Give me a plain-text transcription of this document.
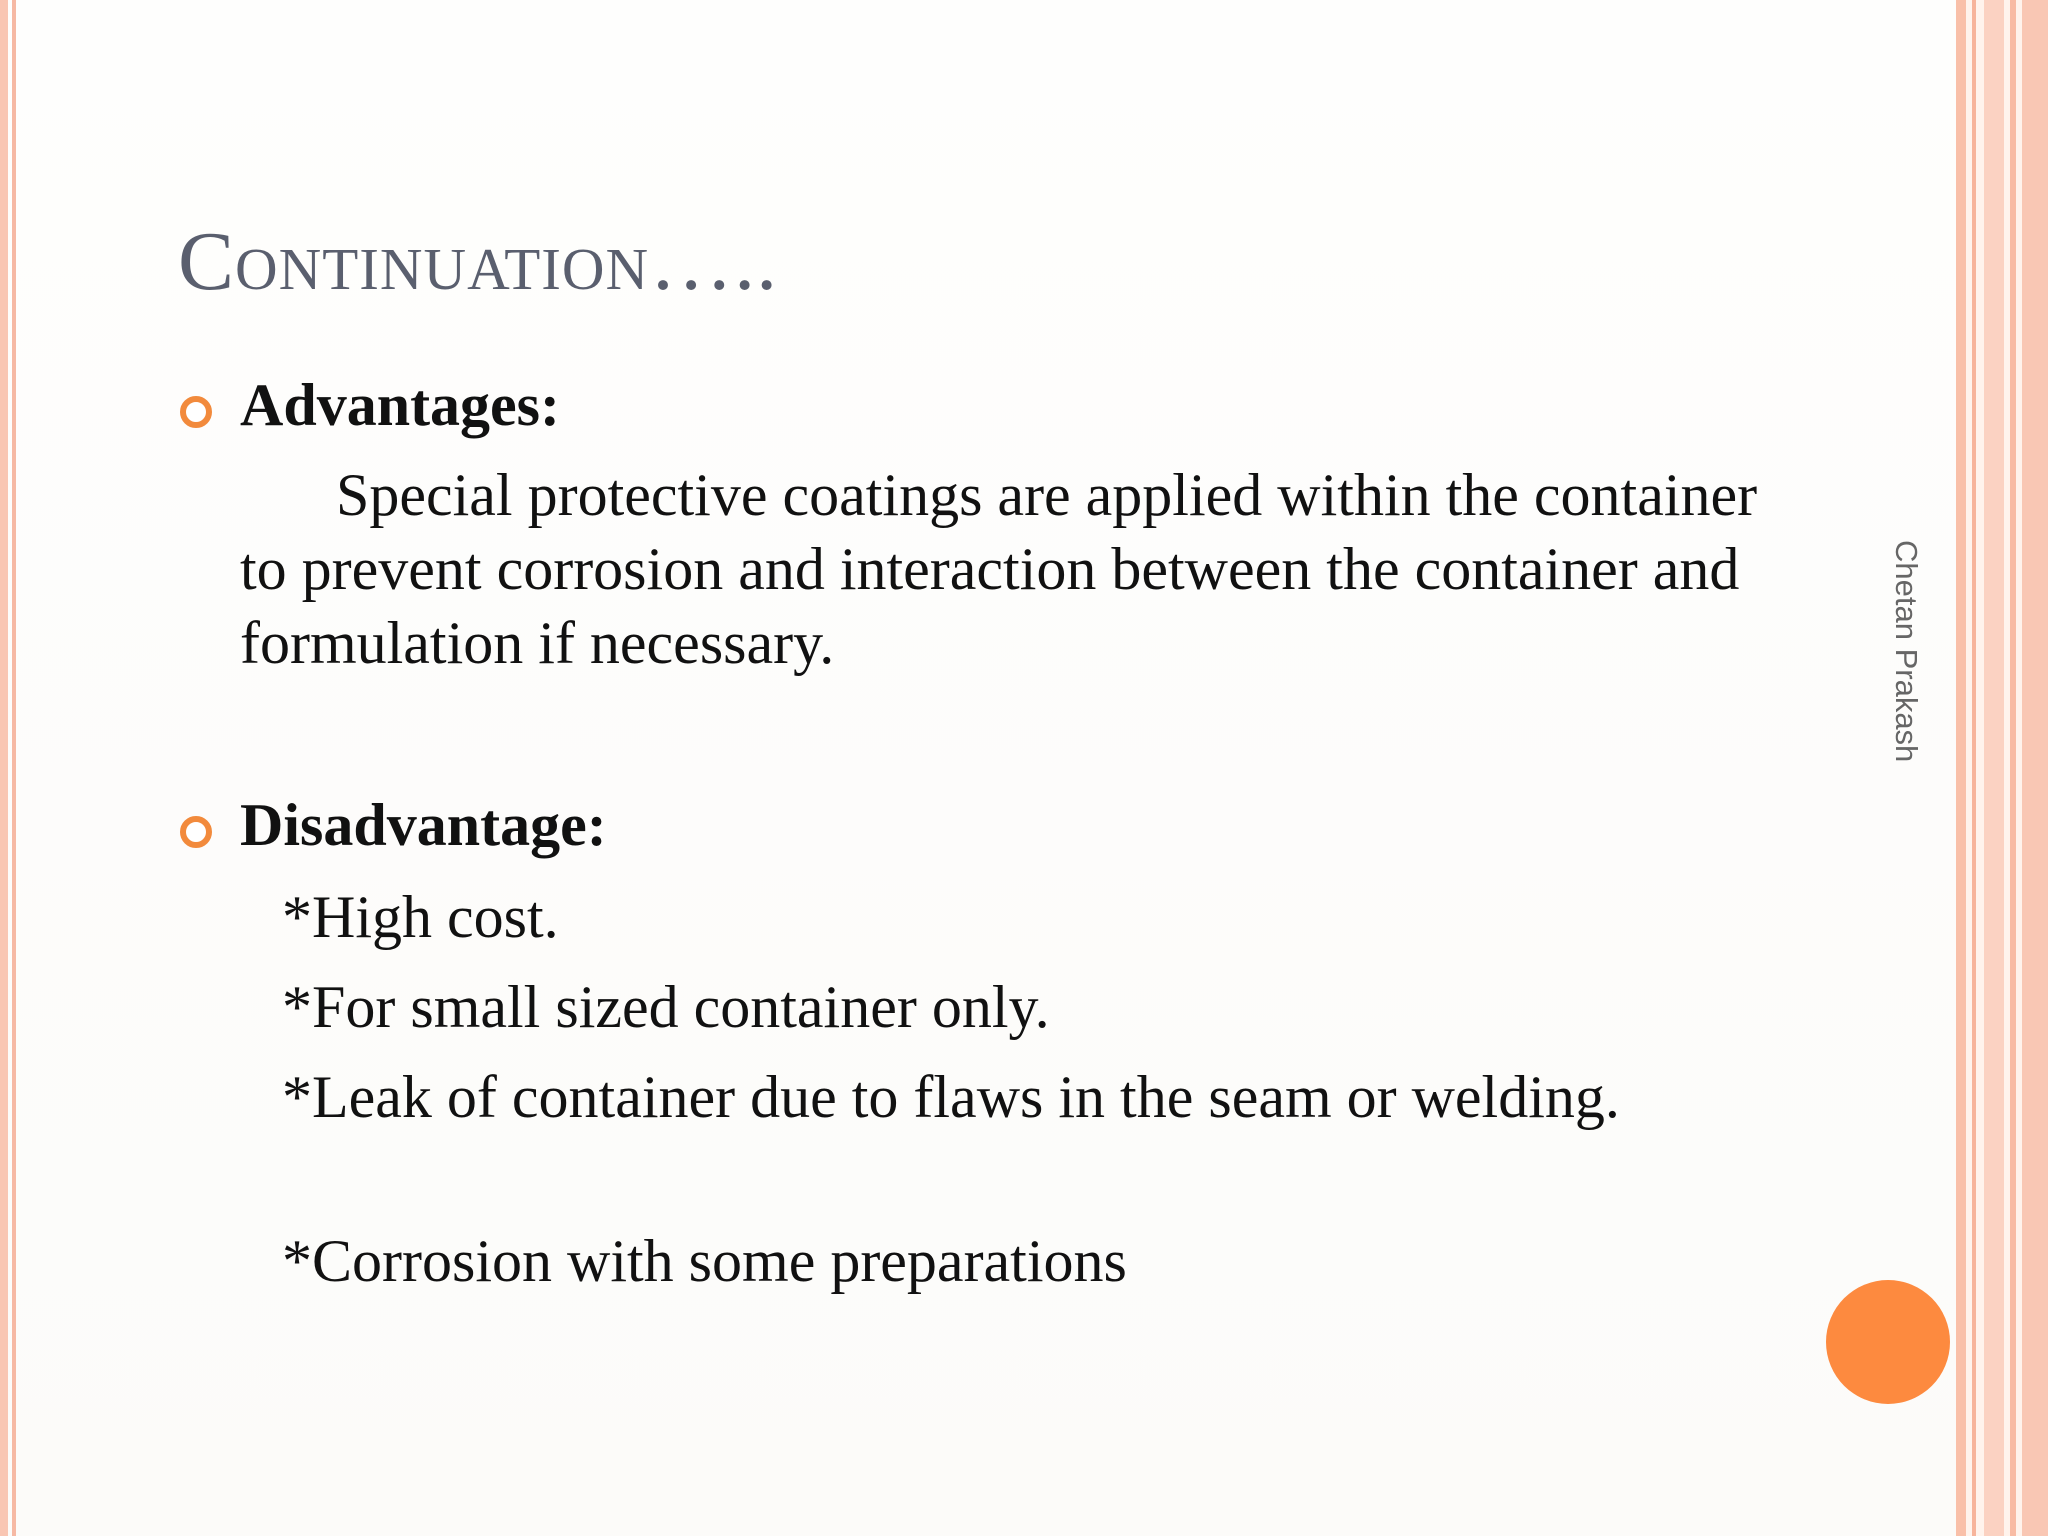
Continuation…..
Advantages:

Special protective coatings are applied within the container to prevent corrosion and interaction between the container and formulation if necessary.

Disadvantage:
*High cost.
*For small sized container only.

*Leak of container due to flaws in the seam or welding.

*Corrosion with some preparations
Chetan Prakash
